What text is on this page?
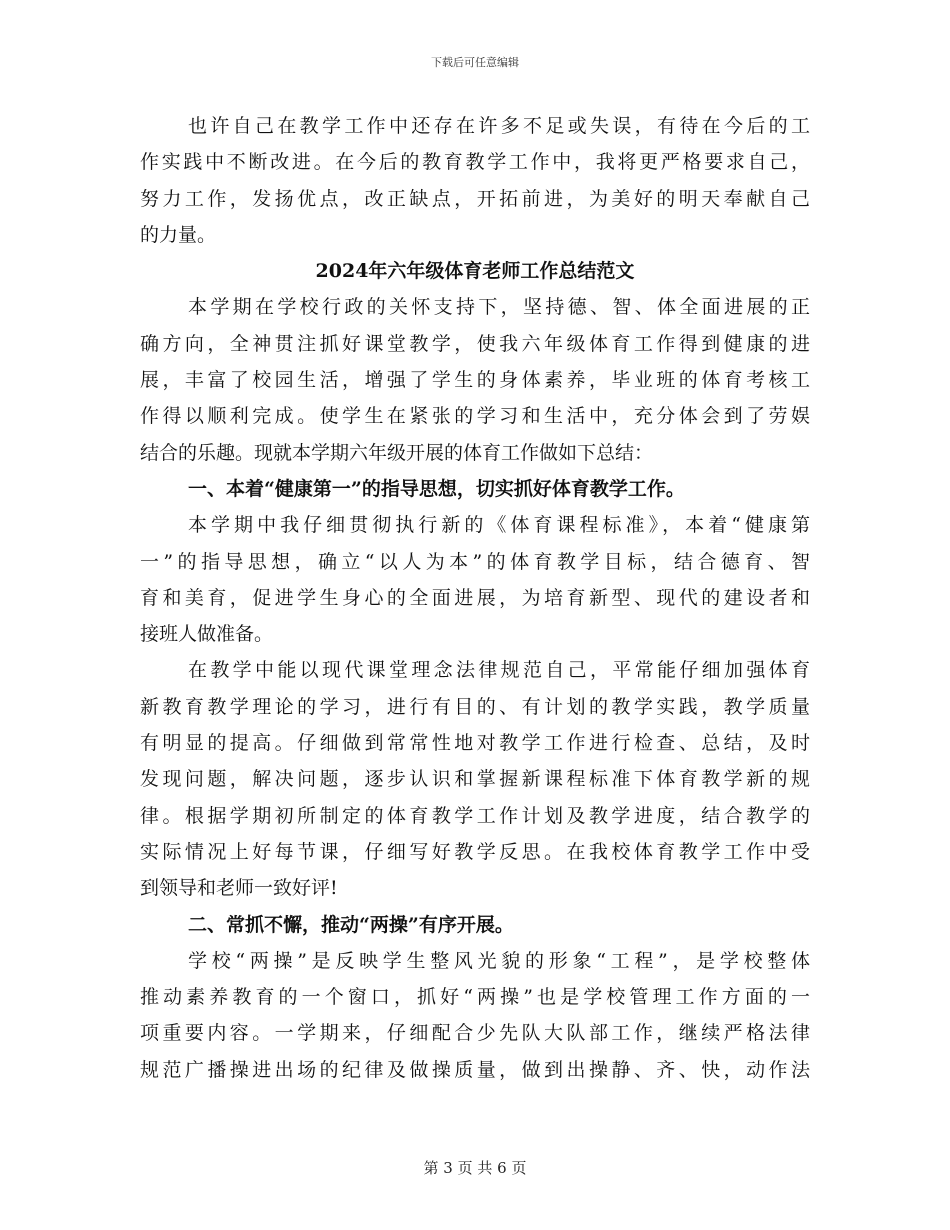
下载后可任意编辑
也许自己在教学工作中还存在许多不足或失误，有待在今后的工
作实践中不断改进。在今后的教育教学工作中，我将更严格要求自己，
努力工作，发扬优点，改正缺点，开拓前进，为美好的明天奉献自己
的力量。
2024年六年级体育老师工作总结范文
本学期在学校行政的关怀支持下，坚持德、智、体全面进展的正
确方向，全神贯注抓好课堂教学，使我六年级体育工作得到健康的进
展，丰富了校园生活，增强了学生的身体素养，毕业班的体育考核工
作得以顺利完成。使学生在紧张的学习和生活中，充分体会到了劳娱
结合的乐趣。现就本学期六年级开展的体育工作做如下总结：
一、本着“健康第一”的指导思想，切实抓好体育教学工作。
本学期中我仔细贯彻执行新的《体育课程标准》，本着“健康第
一”的指导思想，确立“以人为本”的体育教学目标，结合德育、智
育和美育，促进学生身心的全面进展，为培育新型、现代的建设者和
接班人做准备。
在教学中能以现代课堂理念法律规范自己，平常能仔细加强体育
新教育教学理论的学习，进行有目的、有计划的教学实践，教学质量
有明显的提高。仔细做到常常性地对教学工作进行检查、总结，及时
发现问题，解决问题，逐步认识和掌握新课程标准下体育教学新的规
律。根据学期初所制定的体育教学工作计划及教学进度，结合教学的
实际情况上好每节课，仔细写好教学反思。在我校体育教学工作中受
到领导和老师一致好评!
二、常抓不懈，推动“两操”有序开展。
学校“两操”是反映学生整风光貌的形象“工程”，是学校整体
推动素养教育的一个窗口，抓好“两操”也是学校管理工作方面的一
项重要内容。一学期来，仔细配合少先队大队部工作，继续严格法律
规范广播操进出场的纪律及做操质量，做到出操静、齐、快，动作法
第 3 页 共 6 页
